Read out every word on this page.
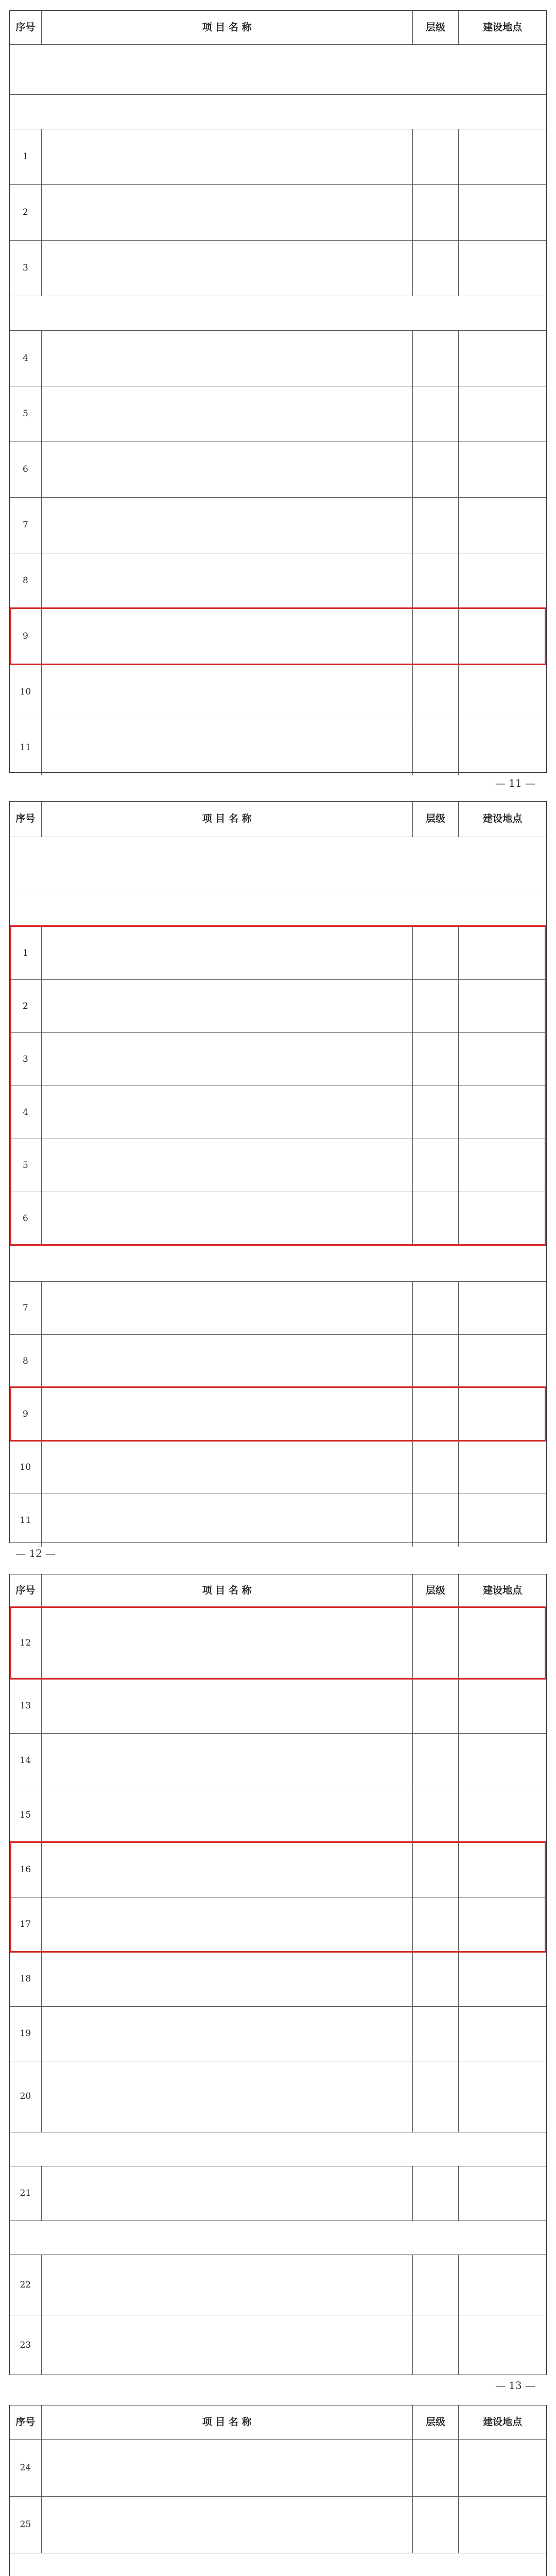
序号	项 目 名 称	层级	建设地点
1
2
3
4
5
6
7
8
9
10
11
— 11 —
序号	项 目 名 称	层级	建设地点
1
2
3
4
5
6
7
8
9
10
11
— 12 —
序号	项 目 名 称	层级	建设地点
12
13
14
15
16
17
18
19
20
21
22
23
— 13 —
序号	项 目 名 称	层级	建设地点
24
25
